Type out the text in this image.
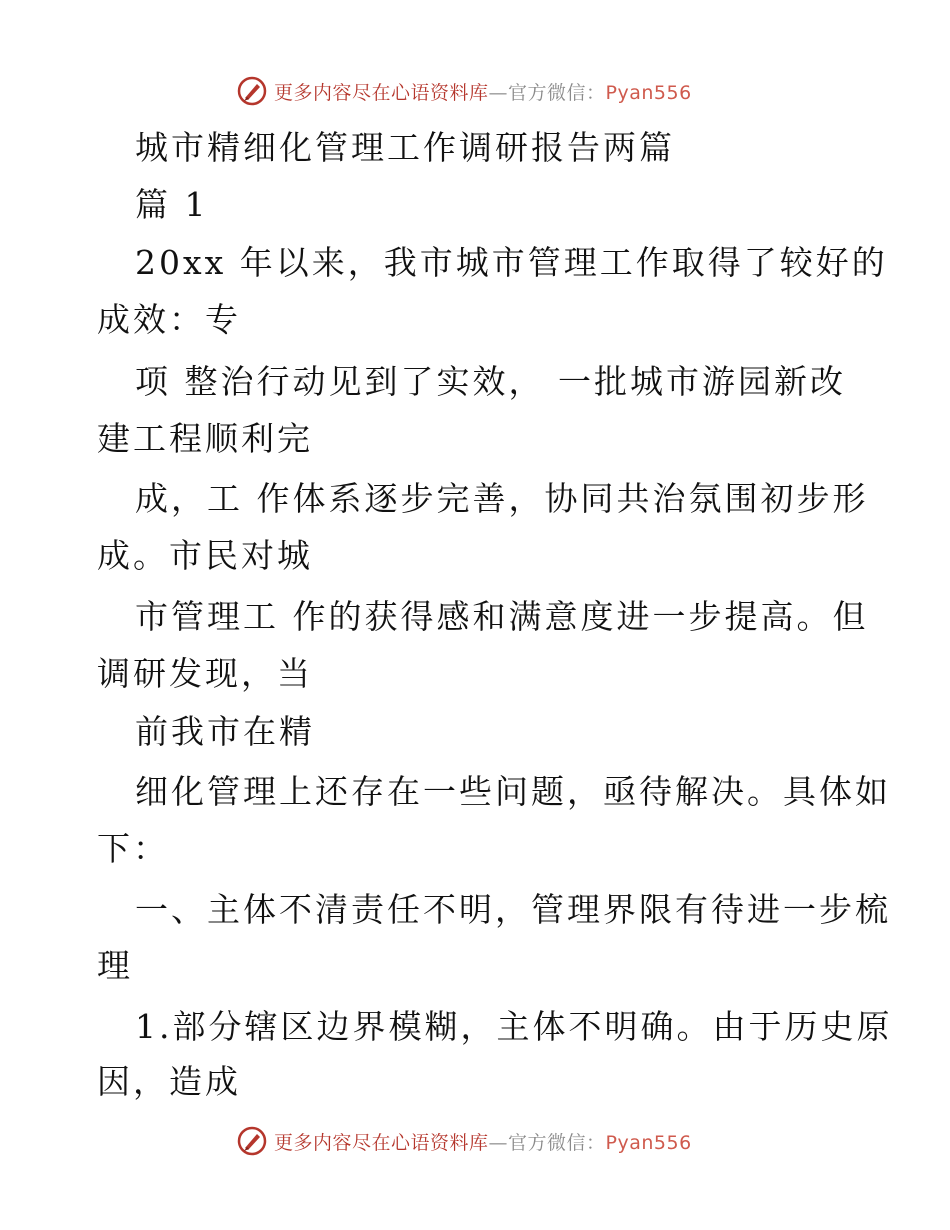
更多内容尽在心语资料库—官方微信：Pyan556
城市精细化管理工作调研报告两篇
篇 1
20xx 年以来，我市城市管理工作取得了较好的
成效：专
项 整治行动见到了实效， 一批城市游园新改
建工程顺利完
成，工 作体系逐步完善，协同共治氛围初步形
成。市民对城
市管理工 作的获得感和满意度进一步提高。但
调研发现，当
前我市在精
细化管理上还存在一些问题，亟待解决。具体如
下：
一、主体不清责任不明，管理界限有待进一步梳
理
1.部分辖区边界模糊，主体不明确。由于历史原
因，造成
更多内容尽在心语资料库—官方微信：Pyan556
